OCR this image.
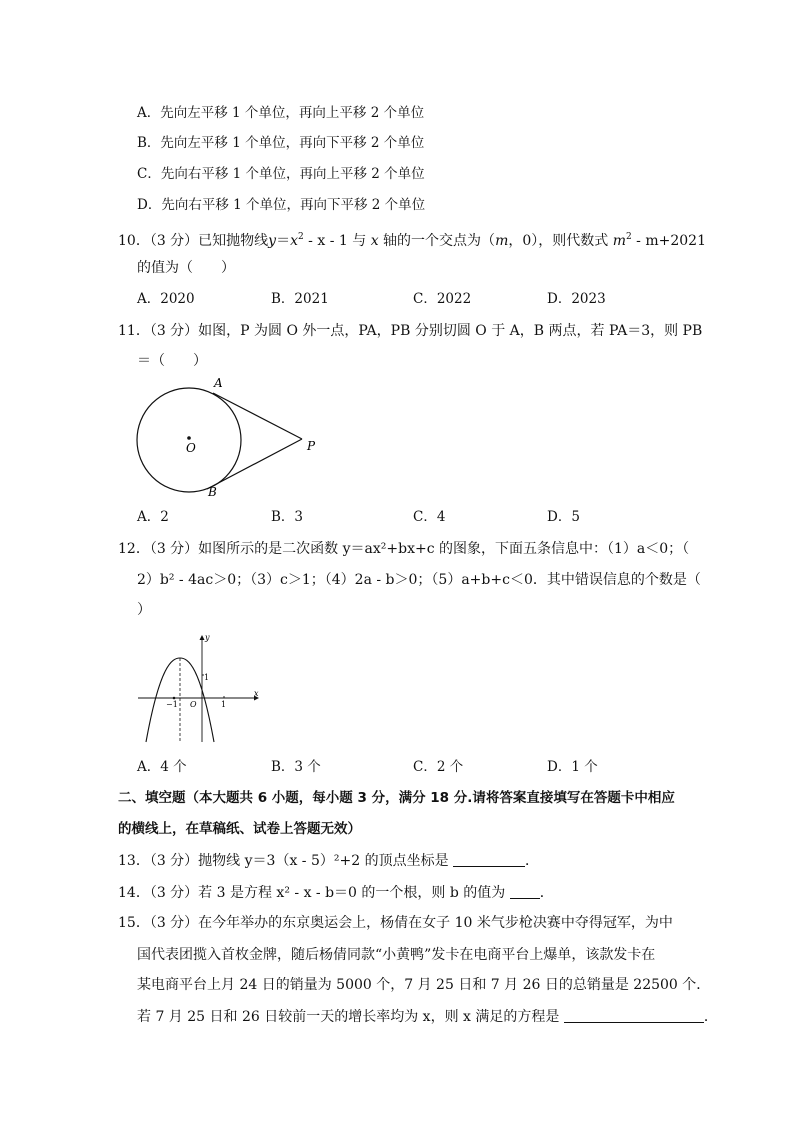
A．先向左平移 1 个单位，再向上平移 2 个单位
B．先向左平移 1 个单位，再向下平移 2 个单位
C．先向右平移 1 个单位，再向上平移 2 个单位
D．先向右平移 1 个单位，再向下平移 2 个单位
10．（3 分）已知抛物线$y=x^2 - x - 1$ 与 x 轴的一个交点为（m，0），则代数式 $m^2 - m+2021$
的值为（　　）
A．2020	B．2021	C．2022	D．2023
11．（3 分）如图，P 为圆 O 外一点，PA，PB 分别切圆 O 于 A，B 两点，若 PA＝3，则 PB
＝（　　）
A
B
O	P
A．2	B．3	C．4	D．5
12．（3 分）如图所示的是二次函数 y＝ax²+bx+c 的图象，下面五条信息中：（1）a＜0；（
2）b² - 4ac＞0；（3）c＞1；（4）2a - b＞0；（5）a+b+c＜0．其中错误信息的个数是（
）
y
x
1
−1 O	1
A．4 个	B．3 个	C．2 个	D．1 个
二、填空题（本大题共 6 小题，每小题 3 分，满分 18 分.请将答案直接填写在答题卡中相应
的横线上，在草稿纸、试卷上答题无效）
13．（3 分）抛物线 y＝3（x - 5）²+2 的顶点坐标是	．
14．（3 分）若 3 是方程 x² - x - b＝0 的一个根，则 b 的值为 ．
15．（3 分）在今年举办的东京奥运会上，杨倩在女子 10 米气步枪决赛中夺得冠军，为中
国代表团揽入首枚金牌，随后杨倩同款“小黄鸭”发卡在电商平台上爆单，该款发卡在
某电商平台上月 24 日的销量为 5000 个，7 月 25 日和 7 月 26 日的总销量是 22500 个．
若 7 月 25 日和 26 日较前一天的增长率均为 x，则 x 满足的方程是	．
